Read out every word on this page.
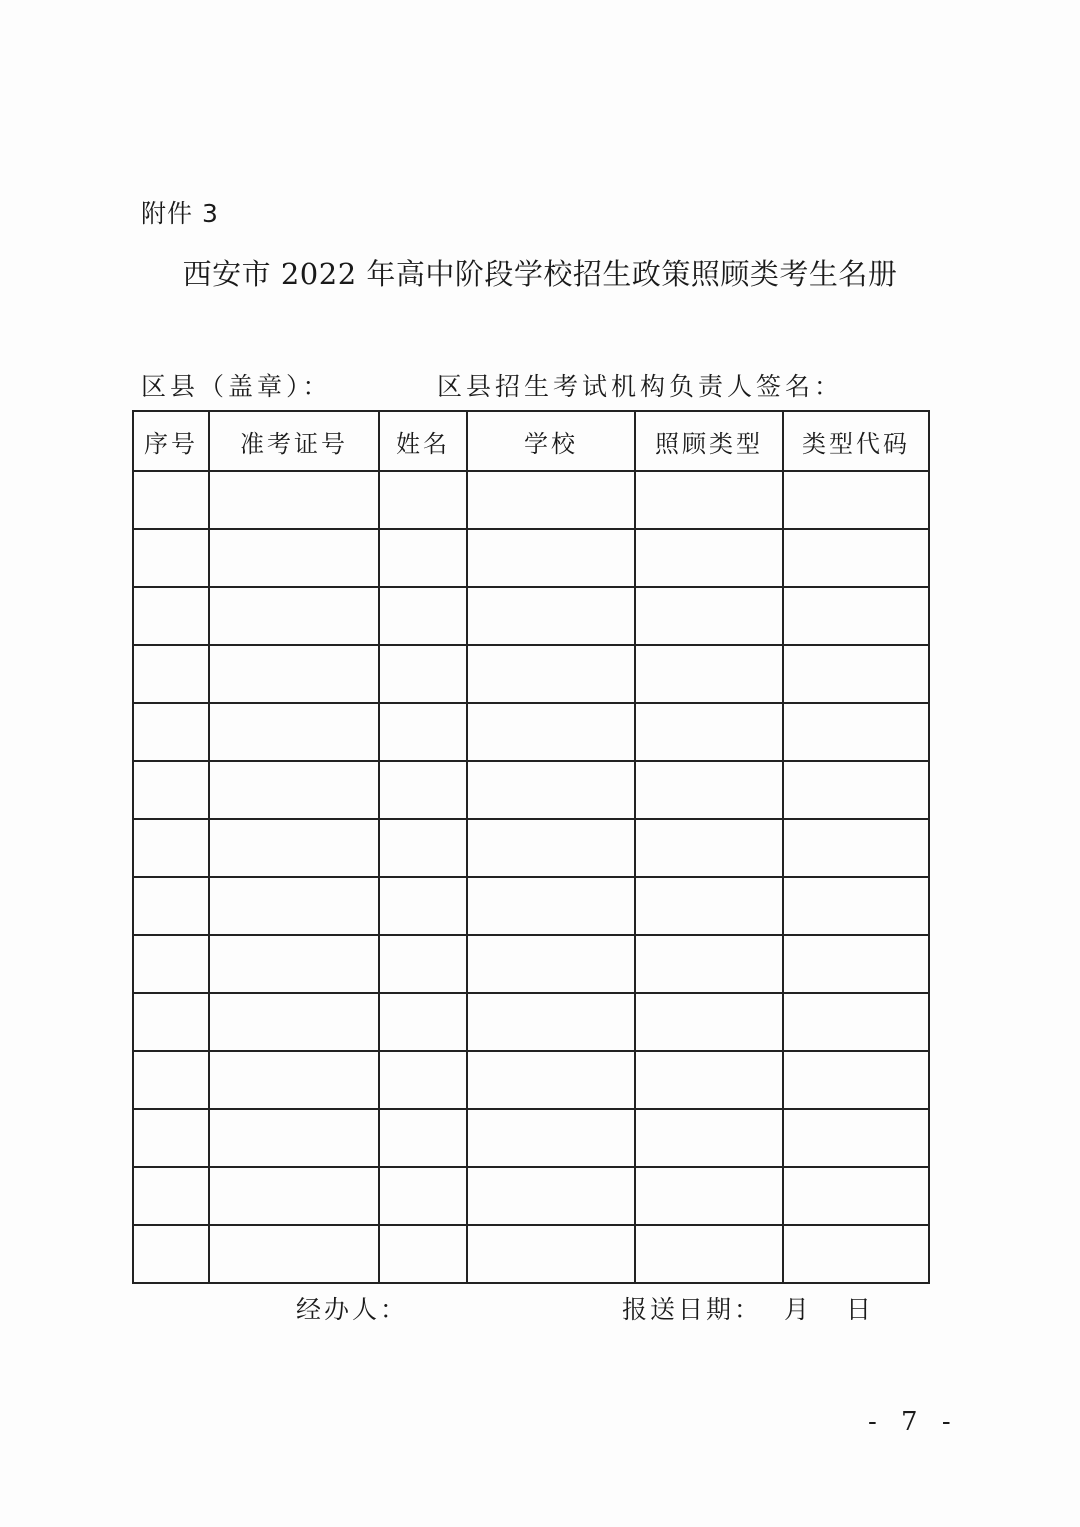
附件 3
西安市 2022 年高中阶段学校招生政策照顾类考生名册
区县（盖章）：	区县招生考试机构负责人签名：
序号	准考证号	姓名	学校	照顾类型	类型代码

经办人：	报送日期： 月 日
- 7 -
